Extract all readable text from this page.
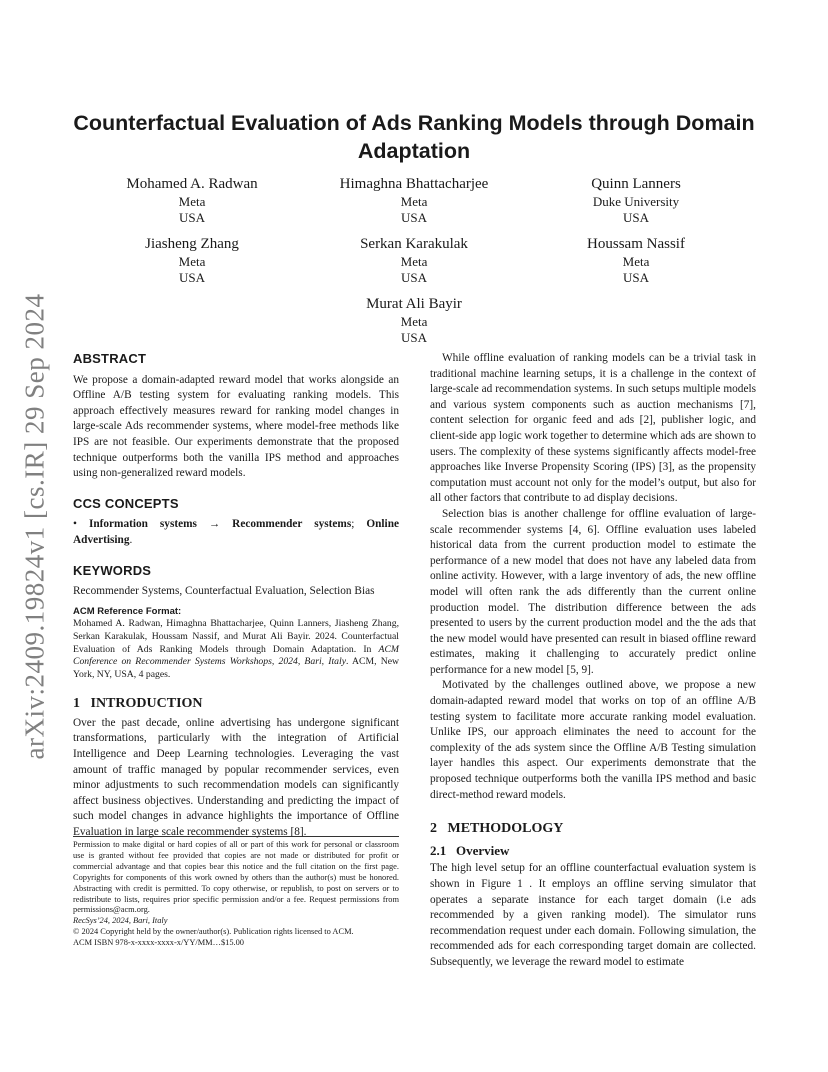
arXiv:2409.19824v1 [cs.IR] 29 Sep 2024
Counterfactual Evaluation of Ads Ranking Models through Domain Adaptation
Mohamed A. Radwan
Meta
USA
Himaghna Bhattacharjee
Meta
USA
Quinn Lanners
Duke University
USA
Jiasheng Zhang
Meta
USA
Serkan Karakulak
Meta
USA
Houssam Nassif
Meta
USA
Murat Ali Bayir
Meta
USA
ABSTRACT

We propose a domain-adapted reward model that works alongside an Offline A/B testing system for evaluating ranking models. This approach effectively measures reward for ranking model changes in large-scale Ads recommender systems, where model-free methods like IPS are not feasible. Our experiments demonstrate that the proposed technique outperforms both the vanilla IPS method and approaches using non-generalized reward models.

CCS CONCEPTS

• Information systems → Recommender systems; Online Advertising.

KEYWORDS

Recommender Systems, Counterfactual Evaluation, Selection Bias

ACM Reference Format:

Mohamed A. Radwan, Himaghna Bhattacharjee, Quinn Lanners, Jiasheng Zhang, Serkan Karakulak, Houssam Nassif, and Murat Ali Bayir. 2024. Counterfactual Evaluation of Ads Ranking Models through Domain Adaptation. In ACM Conference on Recommender Systems Workshops, 2024, Bari, Italy. ACM, New York, NY, USA, 4 pages.

1 INTRODUCTION

Over the past decade, online advertising has undergone significant transformations, particularly with the integration of Artificial Intelligence and Deep Learning technologies. Leveraging the vast amount of traffic managed by popular recommender services, even minor adjustments to such recommendation models can significantly affect business objectives. Understanding and predicting the impact of such model changes in advance highlights the importance of Offline Evaluation in large scale recommender systems [8].

Permission to make digital or hard copies of all or part of this work for personal or classroom use is granted without fee provided that copies are not made or distributed for profit or commercial advantage and that copies bear this notice and the full citation on the first page. Copyrights for components of this work owned by others than the author(s) must be honored. Abstracting with credit is permitted. To copy otherwise, or republish, to post on servers or to redistribute to lists, requires prior specific permission and/or a fee. Request permissions from permissions@acm.org.

RecSys’24, 2024, Bari, Italy
© 2024 Copyright held by the owner/author(s). Publication rights licensed to ACM.
ACM ISBN 978-x-xxxx-xxxx-x/YY/MM…$15.00

While offline evaluation of ranking models can be a trivial task in traditional machine learning setups, it is a challenge in the context of large-scale ad recommendation systems. In such setups multiple models and various system components such as auction mechanisms [7], content selection for organic feed and ads [2], publisher logic, and client-side app logic work together to determine which ads are shown to users. The complexity of these systems significantly affects model-free approaches like Inverse Propensity Scoring (IPS) [3], as the propensity computation must account not only for the model’s output, but also for all other factors that contribute to ad display decisions.

Selection bias is another challenge for offline evaluation of large-scale recommender systems [4, 6]. Offline evaluation uses labeled historical data from the current production model to estimate the performance of a new model that does not have any labeled data from online activity. However, with a large inventory of ads, the new offline model will often rank the ads differently than the current online production model. The distribution difference between the ads presented to users by the current production model and the the ads that the new model would have presented can result in biased offline reward estimates, making it challenging to accurately predict online performance for a new model [5, 9].

Motivated by the challenges outlined above, we propose a new domain-adapted reward model that works on top of an offline A/B testing system to facilitate more accurate ranking model evaluation. Unlike IPS, our approach eliminates the need to account for the complexity of the ads system since the Offline A/B Testing simulation layer handles this aspect. Our experiments demonstrate that the proposed technique outperforms both the vanilla IPS method and basic direct-method reward models.

2 METHODOLOGY
2.1 Overview

The high level setup for an offline counterfactual evaluation system is shown in Figure 1 . It employs an offline serving simulator that operates a separate instance for each target domain (i.e ads recommended by a given ranking model). The simulator runs recommendation request under each domain. Following simulation, the recommended ads for each corresponding target domain are collected. Subsequently, we leverage the reward model to estimate
